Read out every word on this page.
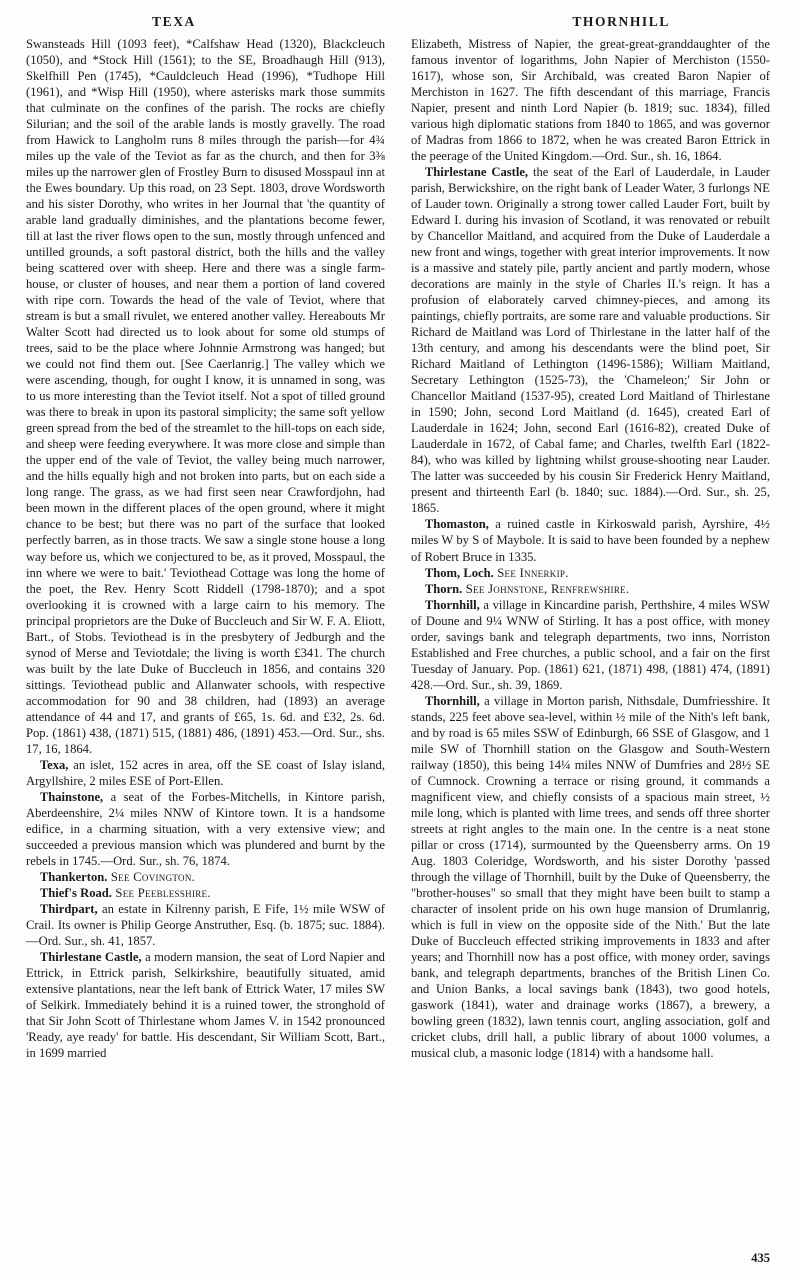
TEXA	THORNHILL

Swansteads Hill (1093 feet), *Calfshaw Head (1320), Blackcleuch (1050), and *Stock Hill (1561); to the SE, Broadhaugh Hill (913), Skelfhill Pen (1745), *Cauldcleuch Head (1996), *Tudhope Hill (1961), and *Wisp Hill (1950), where asterisks mark those summits that culminate on the confines of the parish. The rocks are chiefly Silurian; and the soil of the arable lands is mostly gravelly. The road from Hawick to Langholm runs 8 miles through the parish—for 4¾ miles up the vale of the Teviot as far as the church, and then for 3⅜ miles up the narrower glen of Frostley Burn to disused Mosspaul inn at the Ewes boundary. Up this road, on 23 Sept. 1803, drove Wordsworth and his sister Dorothy, who writes in her Journal that 'the quantity of arable land gradually diminishes, and the plantations become fewer, till at last the river flows open to the sun, mostly through unfenced and untilled grounds, a soft pastoral district, both the hills and the valley being scattered over with sheep. Here and there was a single farm-house, or cluster of houses, and near them a portion of land covered with ripe corn. Towards the head of the vale of Teviot, where that stream is but a small rivulet, we entered another valley. Hereabouts Mr Walter Scott had directed us to look about for some old stumps of trees, said to be the place where Johnnie Armstrong was hanged; but we could not find them out. [See Caerlanrig.] The valley which we were ascending, though, for ought I know, it is unnamed in song, was to us more interesting than the Teviot itself. Not a spot of tilled ground was there to break in upon its pastoral simplicity; the same soft yellow green spread from the bed of the streamlet to the hill-tops on each side, and sheep were feeding everywhere. It was more close and simple than the upper end of the vale of Teviot, the valley being much narrower, and the hills equally high and not broken into parts, but on each side a long range. The grass, as we had first seen near Crawfordjohn, had been mown in the different places of the open ground, where it might chance to be best; but there was no part of the surface that looked perfectly barren, as in those tracts. We saw a single stone house a long way before us, which we conjectured to be, as it proved, Mosspaul, the inn where we were to bait.' Teviothead Cottage was long the home of the poet, the Rev. Henry Scott Riddell (1798-1870); and a spot overlooking it is crowned with a large cairn to his memory. The principal proprietors are the Duke of Buccleuch and Sir W. F. A. Eliott, Bart., of Stobs. Teviothead is in the presbytery of Jedburgh and the synod of Merse and Teviotdale; the living is worth £341. The church was built by the late Duke of Buccleuch in 1856, and contains 320 sittings. Teviothead public and Allanwater schools, with respective accommodation for 90 and 38 children, had (1893) an average attendance of 44 and 17, and grants of £65, 1s. 6d. and £32, 2s. 6d. Pop. (1861) 438, (1871) 515, (1881) 486, (1891) 453.—Ord. Sur., shs. 17, 16, 1864.

Texa, an islet, 152 acres in area, off the SE coast of Islay island, Argyllshire, 2 miles ESE of Port-Ellen.

Thainstone, a seat of the Forbes-Mitchells, in Kintore parish, Aberdeenshire, 2¼ miles NNW of Kintore town. It is a handsome edifice, in a charming situation, with a very extensive view; and succeeded a previous mansion which was plundered and burnt by the rebels in 1745.—Ord. Sur., sh. 76, 1874.

Thankerton. See Covington.

Thief's Road. See Peeblesshire.

Thirdpart, an estate in Kilrenny parish, E Fife, 1½ mile WSW of Crail. Its owner is Philip George Anstruther, Esq. (b. 1875; suc. 1884).—Ord. Sur., sh. 41, 1857.

Thirlestane Castle, a modern mansion, the seat of Lord Napier and Ettrick, in Ettrick parish, Selkirkshire, beautifully situated, amid extensive plantations, near the left bank of Ettrick Water, 17 miles SW of Selkirk. Immediately behind it is a ruined tower, the stronghold of that Sir John Scott of Thirlestane whom James V. in 1542 pronounced 'Ready, aye ready' for battle. His descendant, Sir William Scott, Bart., in 1699 married

Elizabeth, Mistress of Napier, the great-great-granddaughter of the famous inventor of logarithms, John Napier of Merchiston (1550-1617), whose son, Sir Archibald, was created Baron Napier of Merchiston in 1627. The fifth descendant of this marriage, Francis Napier, present and ninth Lord Napier (b. 1819; suc. 1834), filled various high diplomatic stations from 1840 to 1865, and was governor of Madras from 1866 to 1872, when he was created Baron Ettrick in the peerage of the United Kingdom.—Ord. Sur., sh. 16, 1864.

Thirlestane Castle, the seat of the Earl of Lauderdale, in Lauder parish, Berwickshire, on the right bank of Leader Water, 3 furlongs NE of Lauder town. Originally a strong tower called Lauder Fort, built by Edward I. during his invasion of Scotland, it was renovated or rebuilt by Chancellor Maitland, and acquired from the Duke of Lauderdale a new front and wings, together with great interior improvements. It now is a massive and stately pile, partly ancient and partly modern, whose decorations are mainly in the style of Charles II.'s reign. It has a profusion of elaborately carved chimney-pieces, and among its paintings, chiefly portraits, are some rare and valuable productions. Sir Richard de Maitland was Lord of Thirlestane in the latter half of the 13th century, and among his descendants were the blind poet, Sir Richard Maitland of Lethington (1496-1586); William Maitland, Secretary Lethington (1525-73), the 'Chameleon;' Sir John or Chancellor Maitland (1537-95), created Lord Maitland of Thirlestane in 1590; John, second Lord Maitland (d. 1645), created Earl of Lauderdale in 1624; John, second Earl (1616-82), created Duke of Lauderdale in 1672, of Cabal fame; and Charles, twelfth Earl (1822-84), who was killed by lightning whilst grouse-shooting near Lauder. The latter was succeeded by his cousin Sir Frederick Henry Maitland, present and thirteenth Earl (b. 1840; suc. 1884).—Ord. Sur., sh. 25, 1865.

Thomaston, a ruined castle in Kirkoswald parish, Ayrshire, 4½ miles W by S of Maybole. It is said to have been founded by a nephew of Robert Bruce in 1335.

Thom, Loch. See Innerkip.

Thorn. See Johnstone, Renfrewshire.

Thornhill, a village in Kincardine parish, Perthshire, 4 miles WSW of Doune and 9¼ WNW of Stirling. It has a post office, with money order, savings bank and telegraph departments, two inns, Norriston Established and Free churches, a public school, and a fair on the first Tuesday of January. Pop. (1861) 621, (1871) 498, (1881) 474, (1891) 428.—Ord. Sur., sh. 39, 1869.

Thornhill, a village in Morton parish, Nithsdale, Dumfriesshire. It stands, 225 feet above sea-level, within ½ mile of the Nith's left bank, and by road is 65 miles SSW of Edinburgh, 66 SSE of Glasgow, and 1 mile SW of Thornhill station on the Glasgow and South-Western railway (1850), this being 14¼ miles NNW of Dumfries and 28½ SE of Cumnock. Crowning a terrace or rising ground, it commands a magnificent view, and chiefly consists of a spacious main street, ½ mile long, which is planted with lime trees, and sends off three shorter streets at right angles to the main one. In the centre is a neat stone pillar or cross (1714), surmounted by the Queensberry arms. On 19 Aug. 1803 Coleridge, Wordsworth, and his sister Dorothy 'passed through the village of Thornhill, built by the Duke of Queensberry, the "brother-houses" so small that they might have been built to stamp a character of insolent pride on his own huge mansion of Drumlanrig, which is full in view on the opposite side of the Nith.' But the late Duke of Buccleuch effected striking improvements in 1833 and after years; and Thornhill now has a post office, with money order, savings bank, and telegraph departments, branches of the British Linen Co. and Union Banks, a local savings bank (1843), two good hotels, gaswork (1841), water and drainage works (1867), a brewery, a bowling green (1832), lawn tennis court, angling association, golf and cricket clubs, drill hall, a public library of about 1000 volumes, a musical club, a masonic lodge (1814) with a handsome hall.

435
